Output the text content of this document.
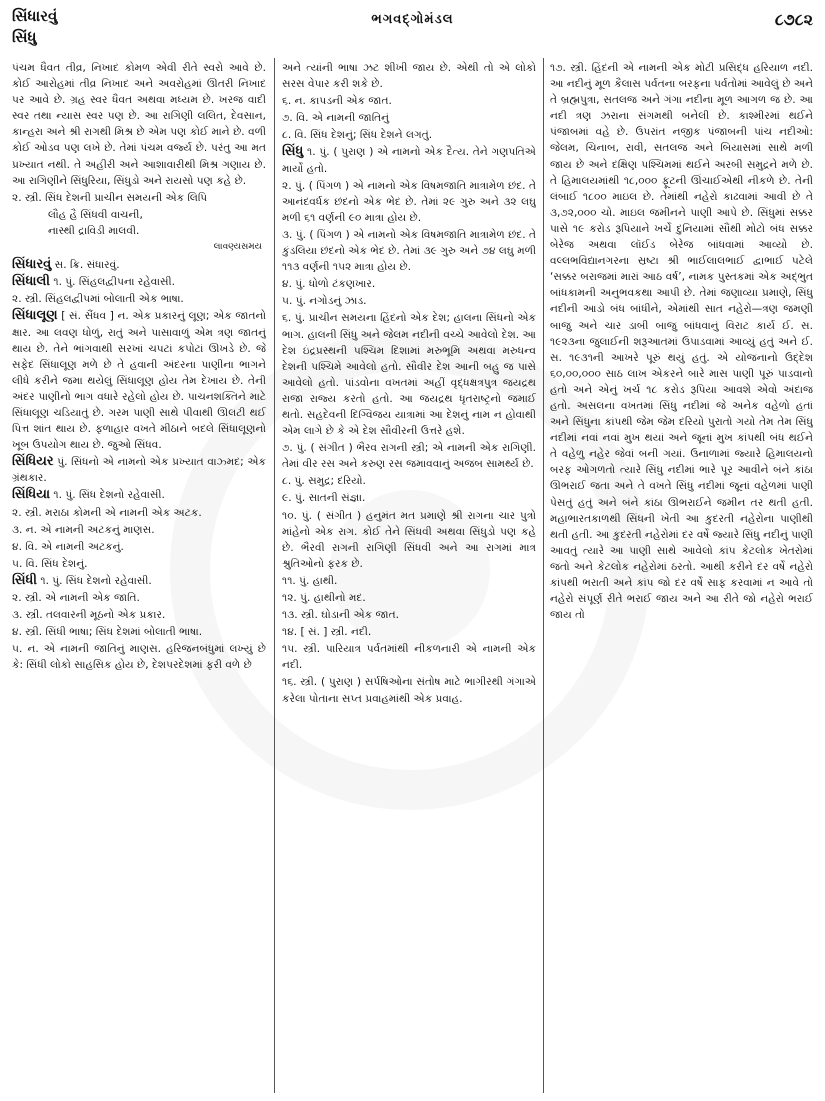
સિંધારવું
સિંધુ
ભગવદ્ગોમંડલ	૮૭૮૨

પંચમ ધૈવત તીવ્ર, નિખાદ કોમળ એવી રીતે સ્વરો આવે છે. કોઈ આરોહમાં તીવ્ર નિખાદ અને અવરોહમાં ઊતરી નિખાદ પર આવે છે. ગ્રહ સ્વર ધૈવત અથવા મધ્યમ છે. ખરજ વાદી સ્વર તથા ન્યાસ સ્વર પણ છે. આ રાગિણી લલિત, દેવસાન, કાન્હરા અને શ્રી રાગથી મિશ્ર છે એમ પણ કોઈ માને છે. વળી કોઈ ઓડવ પણ લખે છે. તેમાં પંચમ વર્જ્ય છે. પરંતુ આ મત પ્રખ્યાત નથી. તે અહીરી અને આશાવારીથી મિશ્ર ગણાય છે. આ રાગિણીને સિંધુરિયા, સિંધુડો અને રાયસો પણ કહે છે.

૨. સ્ત્રી. સિંધ દેશની પ્રાચીન સમયની એક લિપિ

લૌહ હૈ સિંધવી વાચની,

નાસ્થી દ્રાવિડી માલવી.

લાવણ્યસમય

સિંધારવું સ. ક્રિ. સંધારવું.

સિંધાલી ૧. પું. સિંહલદ્વીપના રહેવાસી.

૨. સ્ત્રી. સિંહલદ્વીપમાં બોલાતી એક ભાષા.

સિંધાલૂણ [ સં. સૈંધવ ] ન. એક પ્રકારનું લૂણ; એક જાતનો ક્ષાર. આ લવણ ધોળું, રાતું અને પાસાવાળું એમ ત્રણ જાતનું થાય છે. તેને ભાંગવાથી સરખાં ચપટાં કપોટાં ઊખડે છે. જે સફેદ સિંધાલૂણ મળે છે તે હવાની અંદરના પાણીના ભાગને લીધે કરીને જમા થયેલું સિંધાલૂણ હોય તેમ દેખાય છે. તેની અંદર પાણીનો ભાગ વધારે રહેલો હોય છે. પાચનશક્તિને માટે સિંધાલૂણ ચડિયાતું છે. ગરમ પાણી સાથે પીવાથી ઊલટી થઈ પિત્ત શાંત થાય છે. ફળાહાર વખતે મીઠાને બદલે સિંધાલૂણનો ખૂબ ઉપયોગ થાય છે. જુઓ સિંધવ.

સિંધિયર પું. સિંધનો એ નામનો એક પ્રખ્યાત વાઝ્મદ; એક ગ્રંથકાર.

સિંધિયા ૧. પું. સિંધ દેશનો રહેવાસી.

૨. સ્ત્રી. મરાઠા કોમની એ નામની એક અટક.

૩. ન. એ નામની અટકનું માણસ.

૪. વિ. એ નામની અટકનું.

૫. વિ. સિંધ દેશનું.

સિંધી ૧. પું. સિંધ દેશનો રહેવાસી.

૨. સ્ત્રી. એ નામની એક જાતિ.

૩. સ્ત્રી. તલવારની મૂઠનો એક પ્રકાર.

૪. સ્ત્રી. સિંધી ભાષા; સિંધ દેશમાં બોલાતી ભાષા.

૫. ન. એ નામની જાતિનું માણસ. હરિજનબંધુમાં લખ્યું છે કે: સિંધી લોકો સાહસિક હોય છે, દેશપરદેશમાં ફરી વળે છે

અને ત્યાંની ભાષા ઝટ શીખી જાય છે. એથી તો એ લોકો સરસ વેપાર કરી શકે છે.

૬. ન. કાપડની એક જાત.

૭. વિ. એ નામની જાતિનું

૮. વિ. સિંધ દેશનું; સિંધ દેશને લગતું.

સિંધુ ૧. પું. ( પુરાણ ) એ નામનો એક દૈત્ય. તેને ગણપતિએ માર્યો હતો.

૨. પું. ( પિંગળ ) એ નામનો એક વિષમજાતિ માત્રામેળ છંદ. તે આનંદવર્ધક છંદનો એક ભેદ છે. તેમાં ૨૯ ગુરુ અને ૩૨ લઘુ મળી ૬૧ વર્ણની ૯૦ માત્રા હોય છે.

૩. પું. ( પિંગળ ) એ નામનો એક વિષમજાતિ માત્રામેળ છંદ. તે કુંડલિયા છંદનો એક ભેદ છે. તેમાં ૩૯ ગુરુ અને ૭૪ લઘુ મળી ૧૧૩ વર્ણની ૧૫૨ માત્રા હોય છે.

૪. પું. ધોળો ટંકણખાર.

૫. પું. નગોડનું ઝાડ.

૬. પું. પ્રાચીન સમયના હિંદનો એક દેશ; હાલના સિંધનો એક ભાગ. હાલની સિંધુ અને જેલમ નદીની વચ્ચે આવેલો દેશ. આ દેશ ઇંદ્રપ્રસ્થની પશ્ચિમ દિશામાં મરુભૂમિ અથવા મરુધન્વ દેશની પશ્ચિમે આવેલો હતો. સૌવીર દેશ આની બહુ જ પાસે આવેલો હતો. પાંડવોના વખતમાં અહીં વૃદ્ધક્ષત્રપુત્ર જયદ્રથ રાજા રાજ્ય કરતો હતો. આ જયદ્રથ ધૃતરાષ્ટ્રનો જમાઈ થતો. સહદેવની દિગ્વિજય યાત્રામાં આ દેશનું નામ ન હોવાથી એમ લાગે છે કે એ દેશ સૌવીરની ઉત્તરે હશે.

૭. પું. ( સંગીત ) ભૈરવ રાગની સ્ત્રી; એ નામની એક રાગિણી. તેમાં વીર રસ અને કરુણ રસ જમાવવાનું અજબ સામર્થ્ય છે.

૮. પું. સમુદ્ર; દરિયો.

૯. પું. સાતની સંજ્ઞા.

૧૦. પું. ( સંગીત ) હનુમંત મત પ્રમાણે શ્રી રાગના ચાર પુત્રો માંહેનો એક રાગ. કોઈ તેને સિંધવી અથવા સિંધુડો પણ કહે છે. ભૈરવી રાગની રાગિણી સિંધવી અને આ રાગમાં માત્ર શ્રુતિઓનો ફરક છે.

૧૧. પું. હાથી.

૧૨. પું. હાથીનો મદ.

૧૩. સ્ત્રી. ઘોડાની એક જાત.

૧૪. [ સં. ] સ્ત્રી. નદી.

૧૫. સ્ત્રી. પારિયાત્ર પર્વતમાંથી નીકળનારી એ નામની એક નદી.

૧૬. સ્ત્રી. ( પુરાણ ) સર્પષિઓના સંતોષ માટે ભાગીરથી ગંગાએ કરેલા પોતાના સપ્ત પ્રવાહમાંથી એક પ્રવાહ.

૧૭. સ્ત્રી. હિંદની એ નામની એક મોટી પ્રસિદ્ધ હરિયાળ નદી. આ નદીનું મૂળ કૈલાસ પર્વતના બરફના પર્વતોમાં આવેલું છે અને તે બ્રહ્મપુત્રા, સતલજ અને ગંગા નદીના મૂળ આગળ જ છે. આ નદી ત્રણ ઝરાના સંગમથી બનેલી છે. કાશ્મીરમાં થઈને પંજાબમાં વહે છે. ઉપરાંત નજીક પંજાબની પાંચ નદીઓ: જેલમ, ચિનાબ, રાવી, સતલજ અને બિયાસમાં સાથે મળી જાય છે અને દક્ષિણ પશ્ચિમમાં થઈને અરબી સમુદ્રને મળે છે. તે હિમાલયમાંથી ૧૮,૦૦૦ ફૂટની ઊંચાઈએથી નીકળે છે. તેની લંબાઈ ૧૮૦૦ માઇલ છે. તેમાંથી નહેરો કાઢવામાં આવી છે તે ૩,૭૨,૦૦૦ ચો. માઇલ જમીનને પાણી આપે છે. સિંધુમાં સક્કર પાસે ૧૯ કરોડ રૂપિયાને ખર્ચે દુનિયામાં સૌથી મોટો બંધ સક્કર બેરેજ અથવા લૉઈડ બેરેજ બાંધવામાં આવ્યો છે. વલ્લભવિદ્યાનગરના સ્રષ્ટા શ્રી ભાઈલાલભાઈ દ્વાભાઈ પટેલે ‘સક્કર બરાજમાં મારાં આઠ વર્ષ’, નામક પુસ્તકમાં એક અદ્ભુત બાંધકામની અનુભવકથા આપી છે. તેમાં જણાવ્યા પ્રમાણે, સિંધુ નદીની આડો બંધ બાંધીને, એમાંથી સાત નહેરો—ત્રણ જમણી બાજુ અને ચાર ડાબી બાજુ બાંધવાનું વિરાટ કાર્ય ઈ. સ. ૧૯૨૩ના જુલાઈની શરૂઆતમાં ઉપાડવામાં આવ્યું હતું અને ઈ. સ. ૧૯૩૧ની આખરે પૂરું થયું હતું. એ યોજનાનો ઉદ્દેશ ૬૦,૦૦,૦૦૦ સાઠ લાખ એકરને બારે માસ પાણી પૂરું પાડવાનો હતો અને એનું ખર્ચ ૧૮ કરોડ રૂપિયા આવશે એવો અંદાજ હતો. અસલના વખતમાં સિંધુ નદીમાં જે અનેક વહેળો હતાં અને સિંધુના કાંપથી જેમ જેમ દરિયો પુરાતો ગયો તેમ તેમ સિંધુ નદીમાં નવાં નવાં મુખ થયાં અને જૂનાં મુખ કાંપથી બંધ થઈને તે વહેળુ નહેર જેવાં બની ગયાં. ઉનાળામાં જ્યારે હિમાલયનો બરફ ઓગળતો ત્યારે સિંધુ નદીમાં ભારે પૂર આવીને બંને કાંઠા ઊભરાઈ જતા અને તે વખતે સિંધુ નદીમાં જૂનાં વહેળમાં પાણી પેસતું હતું અને બંને કાંઠા ઊભરાઈને જમીન તર થતી હતી. મહાભારતકાળથી સિંધની ખેતી આ કુદરતી નહેરોના પાણીથી થતી હતી. આ કુદરતી નહેરોમાં દર વર્ષે જ્યારે સિંધુ નદીનું પાણી આવતું ત્યારે આ પાણી સાથે આવેલો કાંપ કેટલોક ખેતરોમાં જતો અને કેટલોક નહેરોમાં ઠરતો. આથી કરીને દર વર્ષે નહેરો કાંપથી ભરાતી અને કાંપ જો દર વર્ષે સાફ કરવામાં ન આવે તો નહેરો સંપૂર્ણ રીતે ભરાઈ જાય અને આ રીતે જો નહેરો ભરાઈ જાય તો
